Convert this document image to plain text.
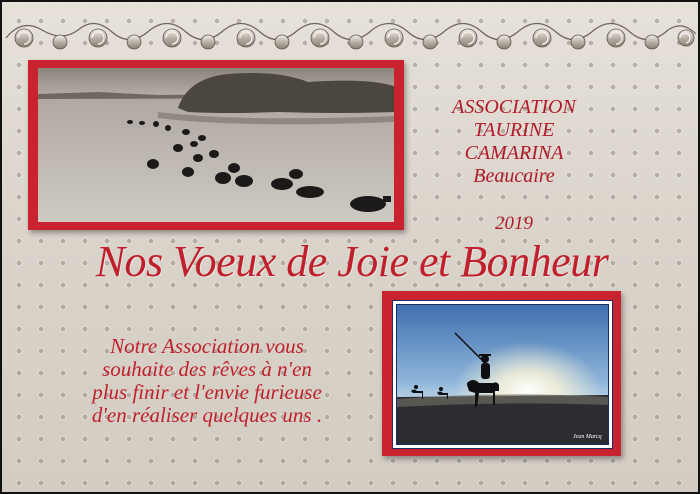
ASSOCIATION TAURINE
CAMARINA
Beaucaire
2019
Nos Voeux de Joie et Bonheur
Notre Association vous
souhaite des rêves à n'en
plus finir et l'envie furieuse
d'en réaliser quelques uns .
Jean Marcq
